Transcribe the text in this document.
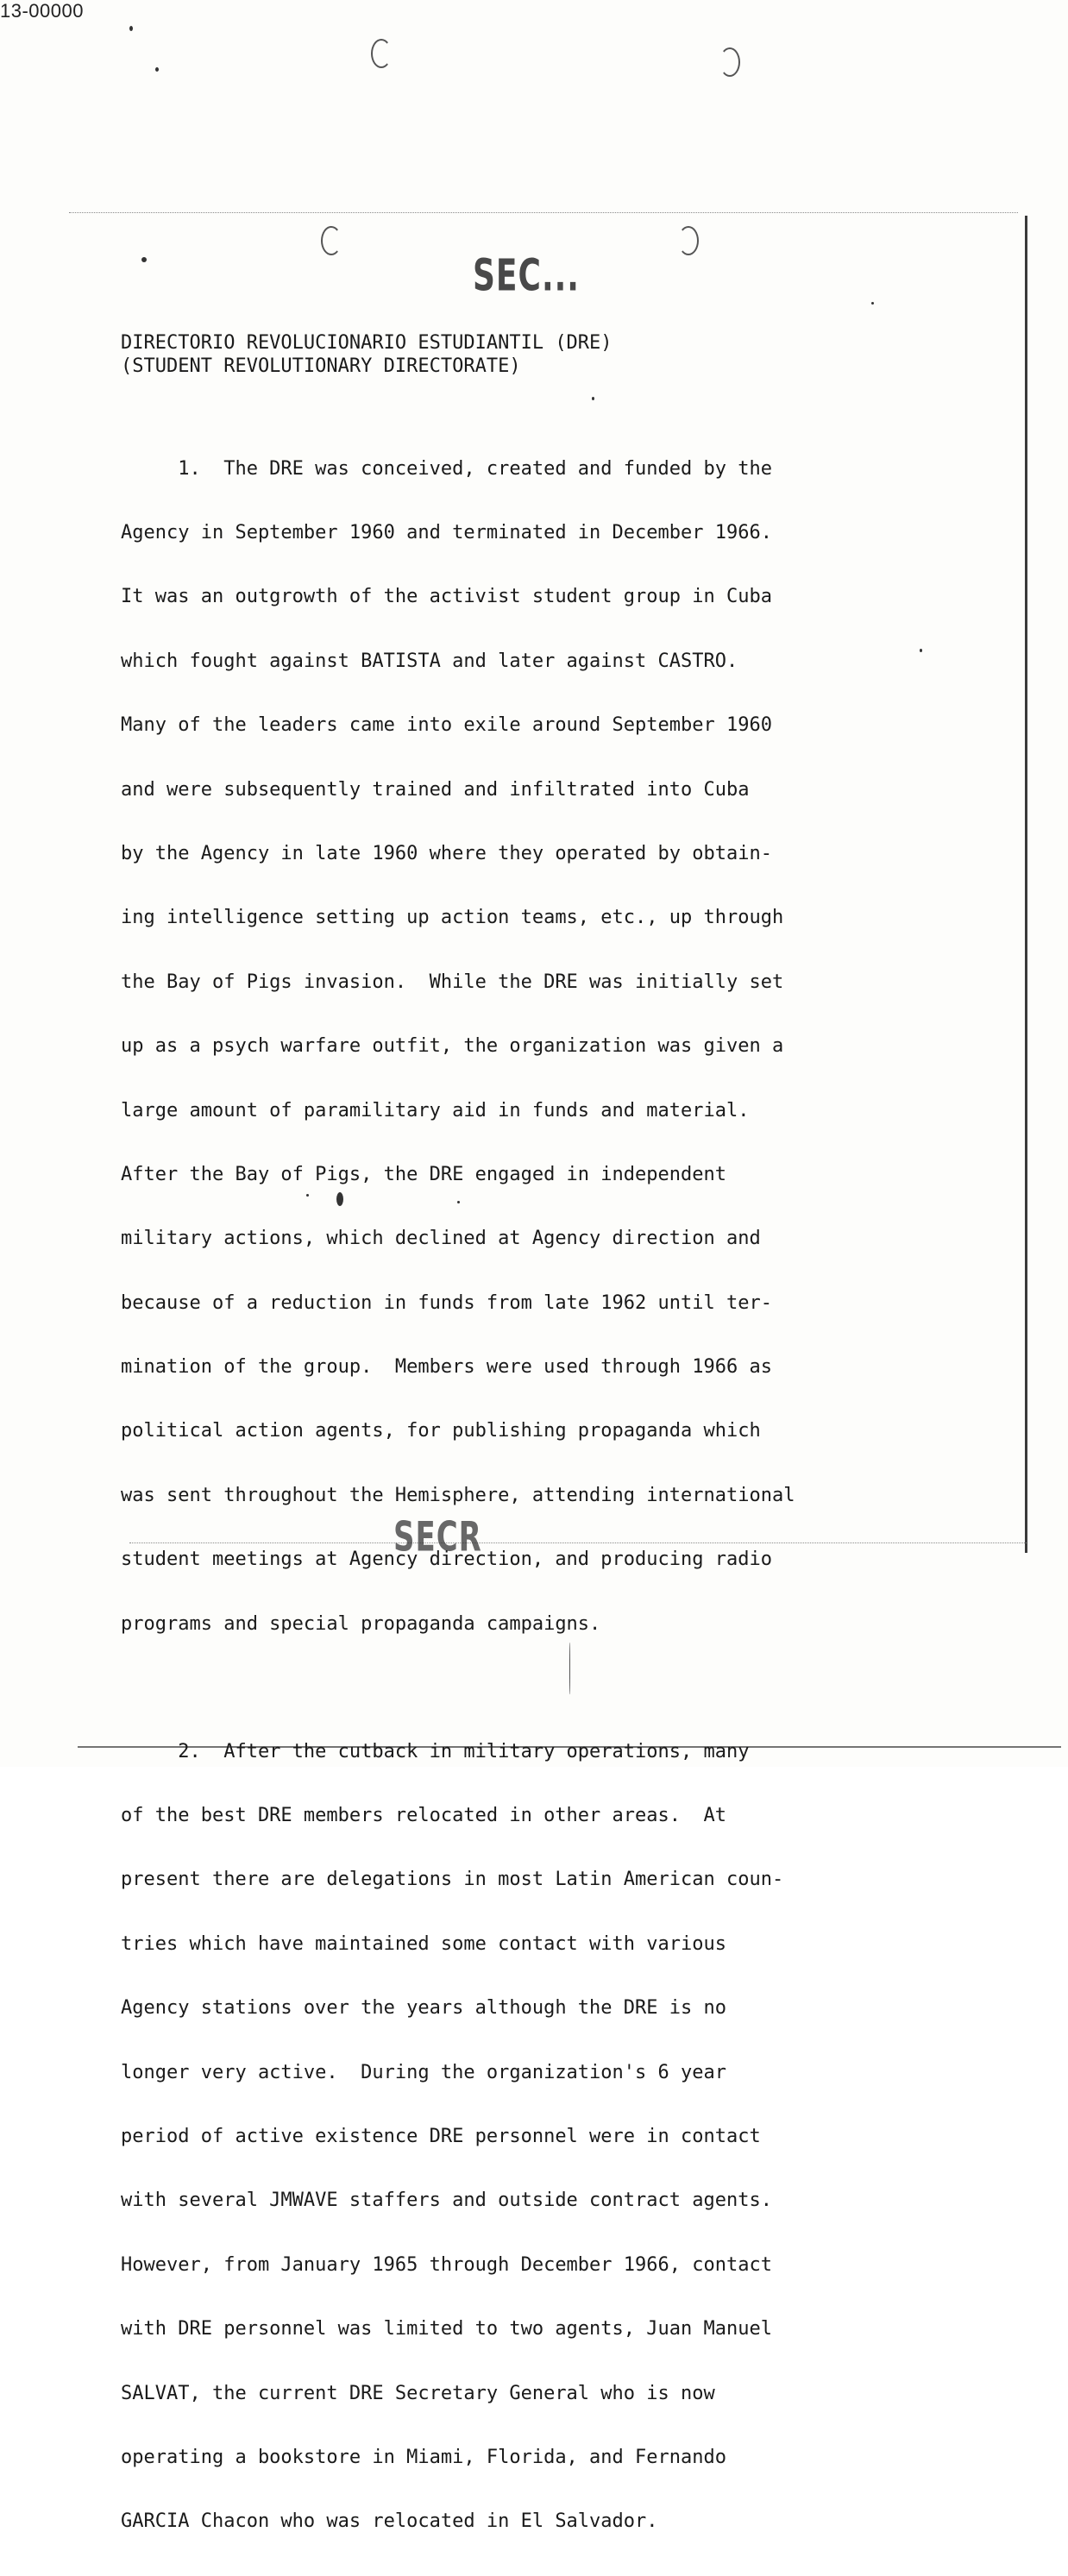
13-00000
SEC...
SECR

DIRECTORIO REVOLUCIONARIO ESTUDIANTIL (DRE)

(STUDENT REVOLUTIONARY DIRECTORATE)

1.  The DRE was conceived, created and funded by the

Agency in September 1960 and terminated in December 1966.

It was an outgrowth of the activist student group in Cuba

which fought against BATISTA and later against CASTRO.

Many of the leaders came into exile around September 1960

and were subsequently trained and infiltrated into Cuba

by the Agency in late 1960 where they operated by obtain-

ing intelligence setting up action teams, etc., up through

the Bay of Pigs invasion.  While the DRE was initially set

up as a psych warfare outfit, the organization was given a

large amount of paramilitary aid in funds and material.

After the Bay of Pigs, the DRE engaged in independent

military actions, which declined at Agency direction and

because of a reduction in funds from late 1962 until ter-

mination of the group.  Members were used through 1966 as

political action agents, for publishing propaganda which

was sent throughout the Hemisphere, attending international

student meetings at Agency direction, and producing radio

programs and special propaganda campaigns.

2.  After the cutback in military operations, many

of the best DRE members relocated in other areas.  At

present there are delegations in most Latin American coun-

tries which have maintained some contact with various

Agency stations over the years although the DRE is no

longer very active.  During the organization's 6 year

period of active existence DRE personnel were in contact

with several JMWAVE staffers and outside contract agents.

However, from January 1965 through December 1966, contact

with DRE personnel was limited to two agents, Juan Manuel

SALVAT, the current DRE Secretary General who is now

operating a bookstore in Miami, Florida, and Fernando

GARCIA Chacon who was relocated in El Salvador.
